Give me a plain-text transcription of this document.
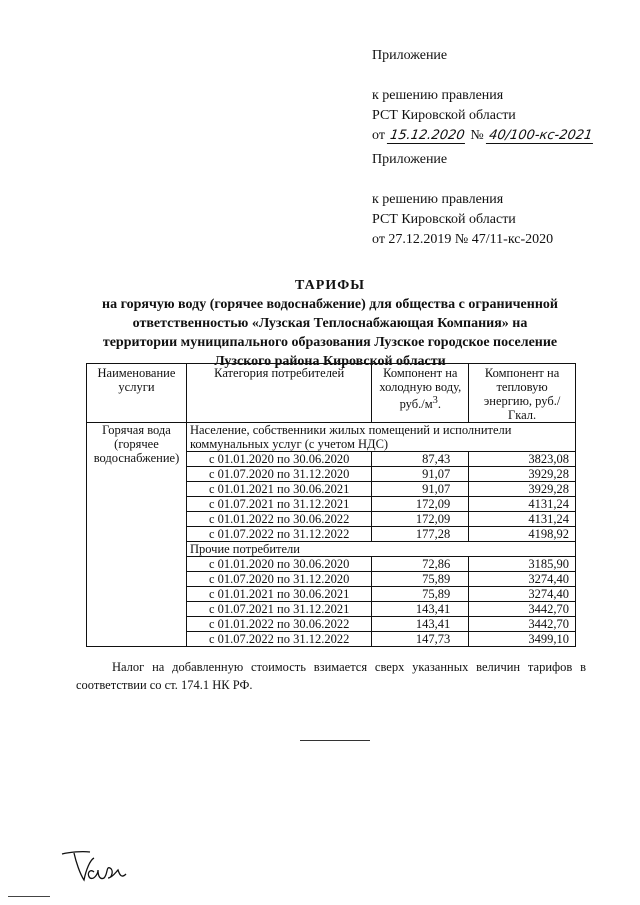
Приложение
к решению правления
РСТ Кировской области
от 15.12.2020 № 40/100-кс-2021
Приложение
к решению правления
РСТ Кировской области
от 27.12.2019 № 47/11-кс-2020
ТАРИФЫ
на горячую воду (горячее водоснабжение) для общества с ограниченной
ответственностью «Лузская Теплоснабжающая Компания» на
территории муниципального образования Лузское городское поселение
Лузского района Кировской области
Наименование услуги	Категория потребителей	Компонент на холодную воду, $руб./м^3$.	Компонент на тепловую энергию, руб./Гкал.
Горячая вода (горячее водоснабжение)	Население, собственники жилых помещений и исполнители коммунальных услуг (с учетом НДС)		
	с 01.01.2020 по 30.06.2020	87,43	3823,08
	с 01.07.2020 по 31.12.2020	91,07	3929,28
	с 01.01.2021 по 30.06.2021	91,07	3929,28
	с 01.07.2021 по 31.12.2021	172,09	4131,24
	с 01.01.2022 по 30.06.2022	172,09	4131,24
	с 01.07.2022 по 31.12.2022	177,28	4198,92
	Прочие потребители		
	с 01.01.2020 по 30.06.2020	72,86	3185,90
	с 01.07.2020 по 31.12.2020	75,89	3274,40
	с 01.01.2021 по 30.06.2021	75,89	3274,40
	с 01.07.2021 по 31.12.2021	143,41	3442,70
	с 01.01.2022 по 30.06.2022	143,41	3442,70
	с 01.07.2022 по 31.12.2022	147,73	3499,10
Налог на добавленную стоимость взимается сверх указанных величин тарифов в соответствии со ст. 174.1 НК РФ.
